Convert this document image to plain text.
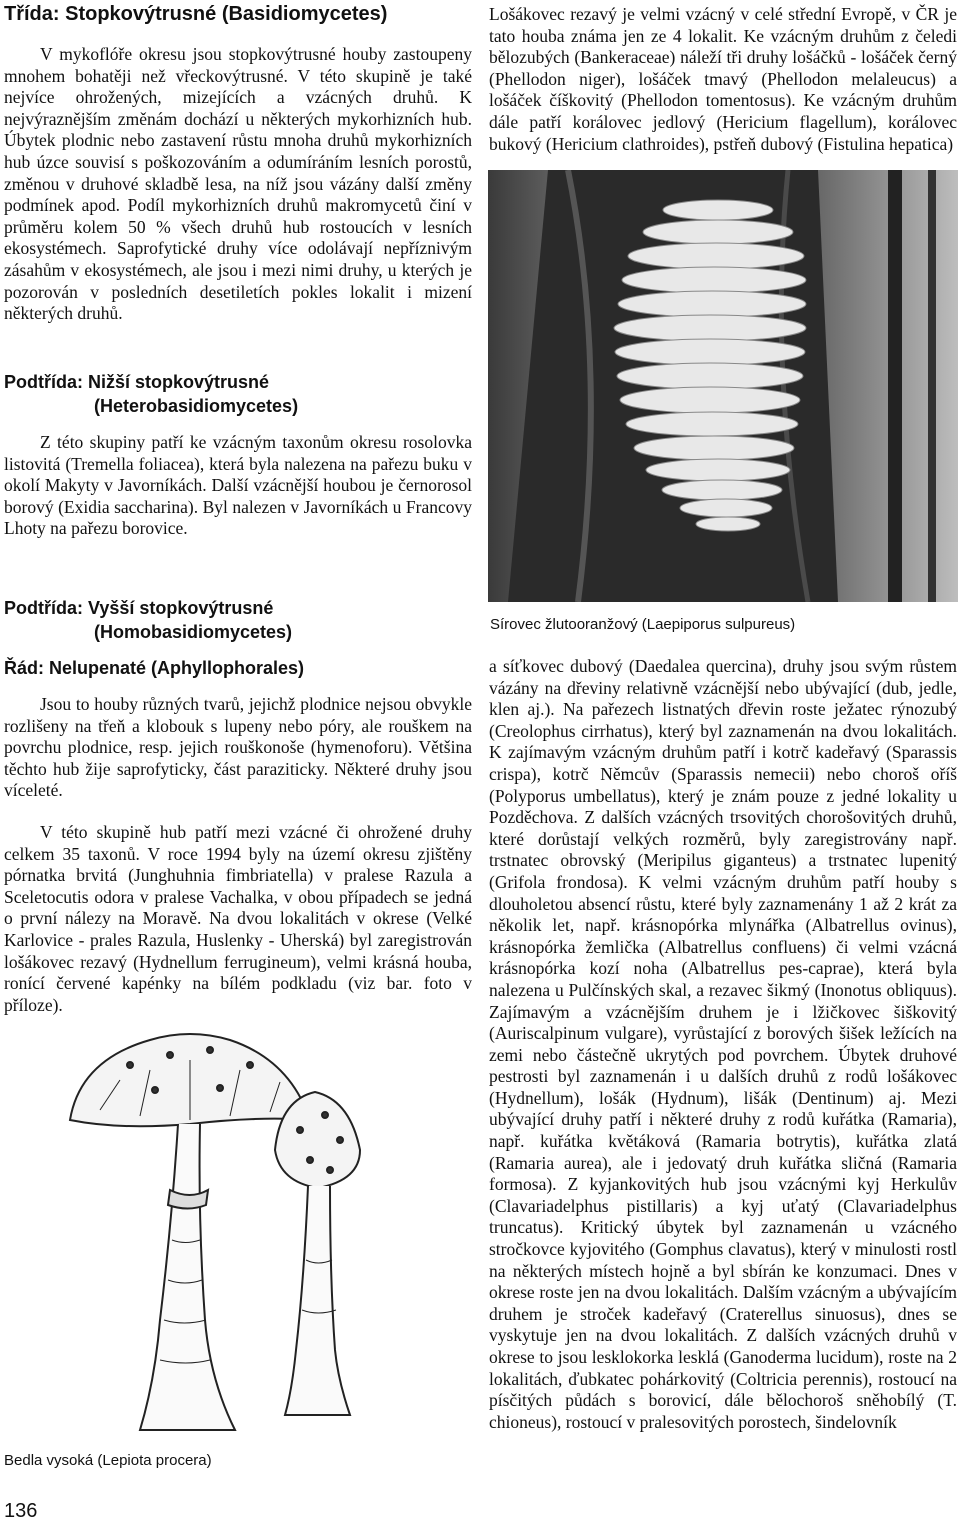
Třída: Stopkovýtrusné (Basidiomycetes)

V mykoflóře okresu jsou stopkovýtrusné houby zastoupeny mnohem bohatěji než vřeckovýtrusné. V této skupině je také nejvíce ohrožených, mizejících a vzácných druhů. K nejvýraznějším změnám dochází u některých mykorhizních hub. Úbytek plodnic nebo zastavení růstu mnoha druhů mykorhizních hub úzce souvisí s poškozováním a odumíráním lesních porostů, změnou v druhové skladbě lesa, na níž jsou vázány další změny podmínek apod. Podíl mykorhizních druhů makromycetů činí v průměru kolem 50 % všech druhů hub rostoucích v lesních ekosystémech. Saprofytické druhy více odolávají nepříznivým zásahům v ekosystémech, ale jsou i mezi nimi druhy, u kterých je pozorován v posledních desetiletích pokles lokalit i mizení některých druhů.

Podtřída: Nižší stopkovýtrusné
(Heterobasidiomycetes)

Z této skupiny patří ke vzácným taxonům okresu rosolovka listovitá (Tremella foliacea), která byla nalezena na pařezu buku v okolí Makyty v Javorníkách. Další vzácnější houbou je černorosol borový (Exidia saccharina). Byl nalezen v Javorníkách u Francovy Lhoty na pařezu borovice.

Podtřída: Vyšší stopkovýtrusné
(Homobasidiomycetes)
Řád: Nelupenaté (Aphyllophorales)

Jsou to houby různých tvarů, jejichž plodnice nejsou obvykle rozlišeny na třeň a klobouk s lupeny nebo póry, ale rouškem na povrchu plodnice, resp. jejich rouškonoše (hymenoforu). Většina těchto hub žije saprofyticky, část paraziticky. Některé druhy jsou víceleté.

V této skupině hub patří mezi vzácné či ohrožené druhy celkem 35 taxonů. V roce 1994 byly na území okresu zjištěny pórnatka brvitá (Junghuhnia fimbriatella) v pralese Razula a Sceletocutis odora v pralese Vachalka, v obou případech se jedná o první nálezy na Moravě. Na dvou lokalitách v okrese (Velké Karlovice - prales Razula, Huslenky - Uherská) byl zaregistrován lošákovec rezavý (Hydnellum ferrugineum), velmi krásná houba, ronící červené kapénky na bílém podkladu (viz bar. foto v příloze).

Bedla vysoká (Lepiota procera)
136

Lošákovec rezavý je velmi vzácný v celé střední Evropě, v ČR je tato houba známa jen ze 4 lokalit. Ke vzácným druhům z čeledi bělozubých (Bankeraceae) náleží tři druhy lošáčků - lošáček černý (Phellodon niger), lošáček tmavý (Phellodon melaleucus) a lošáček číškovitý (Phellodon tomentosus). Ke vzácným druhům dále patří korálovec jedlový (Hericium flagellum), korálovec bukový (Hericium clathroides), pstřeň dubový (Fistulina hepatica)

Sírovec žlutooranžový (Laepiporus sulpureus)

a síťkovec dubový (Daedalea quercina), druhy jsou svým růstem vázány na dřeviny relativně vzácnější nebo ubývající (dub, jedle, klen aj.). Na pařezech listnatých dřevin roste ježatec rýnozubý (Creolophus cirrhatus), který byl zaznamenán na dvou lokalitách. K zajímavým vzácným druhům patří i kotrč kadeřavý (Sparassis crispa), kotrč Němcův (Sparassis nemecii) nebo choroš oříš (Polyporus umbellatus), který je znám pouze z jedné lokality u Pozděchova. Z dalších vzácných trsovitých chorošovitých druhů, které dorůstají velkých rozměrů, byly zaregistrovány např. trstnatec obrovský (Meripilus giganteus) a trstnatec lupenitý (Grifola frondosa). K velmi vzácným druhům patří houby s dlouholetou absencí růstu, které byly zaznamenány 1 až 2 krát za několik let, např. krásnopórka mlynářka (Albatrellus ovinus), krásnopórka žemlička (Albatrellus confluens) či velmi vzácná krásnopórka kozí noha (Albatrellus pes-caprae), která byla nalezena u Pulčínských skal, a rezavec šikmý (Inonotus obliquus). Zajímavým a vzácnějším druhem je i lžičkovec šiškovitý (Auriscalpinum vulgare), vyrůstající z borových šišek ležících na zemi nebo částečně ukrytých pod povrchem. Úbytek druhové pestrosti byl zaznamenán i u dalších druhů z rodů lošákovec (Hydnellum), lošák (Hydnum), lišák (Dentinum) aj. Mezi ubývající druhy patří i některé druhy z rodů kuřátka (Ramaria), např. kuřátka květáková (Ramaria botrytis), kuřátka zlatá (Ramaria aurea), ale i jedovatý druh kuřátka sličná (Ramaria formosa). Z kyjankovitých hub jsou vzácnými kyj Herkulův (Clavariadelphus pistillaris) a kyj uťatý (Clavariadelphus truncatus). Kritický úbytek byl zaznamenán u vzácného stročkovce kyjovitého (Gomphus clavatus), který v minulosti rostl na některých místech hojně a byl sbírán ke konzumaci. Dnes v okrese roste jen na dvou lokalitách. Dalším vzácným a ubývajícím druhem je stroček kadeřavý (Craterellus sinuosus), dnes se vyskytuje jen na dvou lokalitách. Z dalších vzácných druhů v okrese to jsou lesklokorka lesklá (Ganoderma lucidum), roste na 2 lokalitách, ďubkatec pohárkovitý (Coltricia perennis), rostoucí na písčitých půdách s borovicí, dále bělochoroš sněhobílý (T. chioneus), rostoucí v pralesovitých porostech, šindelovník
